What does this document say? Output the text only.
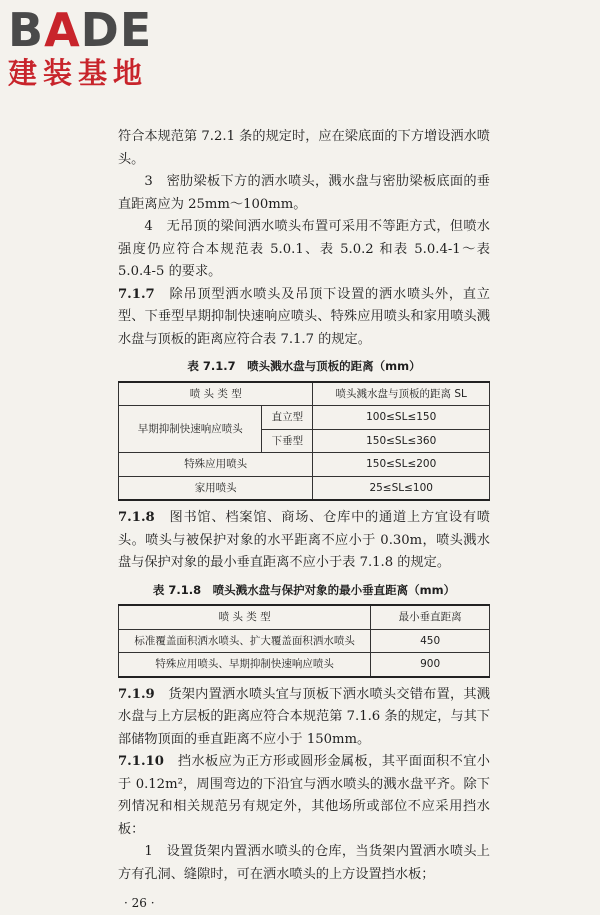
BADE
建装基地

符合本规范第 7.2.1 条的规定时，应在梁底面的下方增设洒水喷头。

3　密肋梁板下方的洒水喷头，溅水盘与密肋梁板底面的垂直距离应为 25mm～100mm。

4　无吊顶的梁间洒水喷头布置可采用不等距方式，但喷水强度仍应符合本规范表 5.0.1、表 5.0.2 和表 5.0.4-1～表 5.0.4-5 的要求。

7.1.7　除吊顶型洒水喷头及吊顶下设置的洒水喷头外，直立型、下垂型早期抑制快速响应喷头、特殊应用喷头和家用喷头溅水盘与顶板的距离应符合表 7.1.7 的规定。

表 7.1.7　喷头溅水盘与顶板的距离（mm）
喷 头 类 型		喷头溅水盘与顶板的距离 SL
早期抑制快速响应喷头	直立型	100≤SL≤150
	下垂型	150≤SL≤360
特殊应用喷头		150≤SL≤200
家用喷头		25≤SL≤100

7.1.8　图书馆、档案馆、商场、仓库中的通道上方宜设有喷头。喷头与被保护对象的水平距离不应小于 0.30m，喷头溅水盘与保护对象的最小垂直距离不应小于表 7.1.8 的规定。

表 7.1.8　喷头溅水盘与保护对象的最小垂直距离（mm）
喷 头 类 型	最小垂直距离
标准覆盖面积洒水喷头、扩大覆盖面积洒水喷头	450
特殊应用喷头、早期抑制快速响应喷头	900

7.1.9　货架内置洒水喷头宜与顶板下洒水喷头交错布置，其溅水盘与上方层板的距离应符合本规范第 7.1.6 条的规定，与其下部储物顶面的垂直距离不应小于 150mm。

7.1.10　挡水板应为正方形或圆形金属板，其平面面积不宜小于 0.12m²，周围弯边的下沿宜与洒水喷头的溅水盘平齐。除下列情况和相关规范另有规定外，其他场所或部位不应采用挡水板：

1　设置货架内置洒水喷头的仓库，当货架内置洒水喷头上方有孔洞、缝隙时，可在洒水喷头的上方设置挡水板；

· 26 ·
